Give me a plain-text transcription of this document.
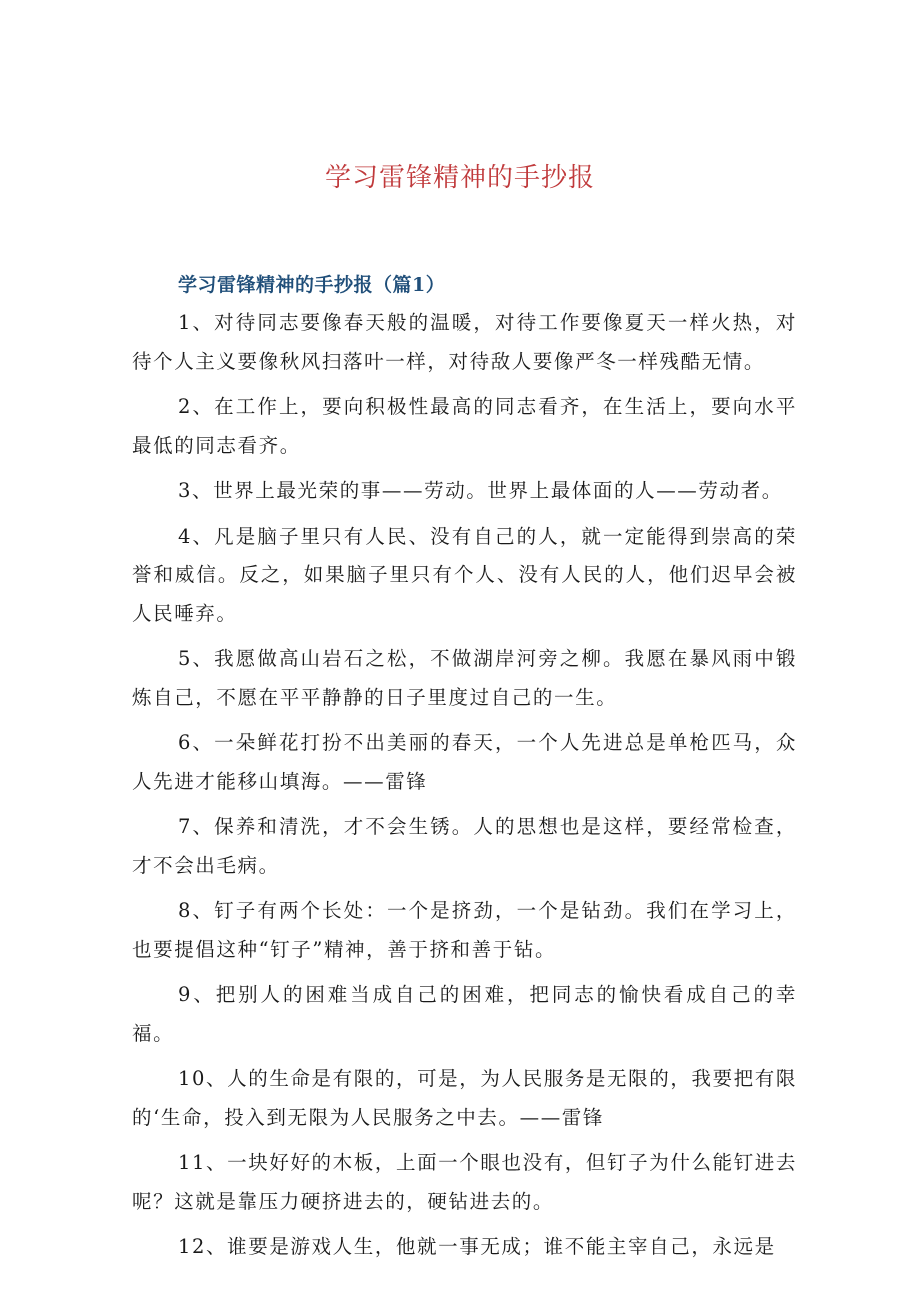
学习雷锋精神的手抄报
学习雷锋精神的手抄报（篇1）

1、对待同志要像春天般的温暖，对待工作要像夏天一样火热，对待个人主义要像秋风扫落叶一样，对待敌人要像严冬一样残酷无情。

2、在工作上，要向积极性最高的同志看齐，在生活上，要向水平最低的同志看齐。

3、世界上最光荣的事——劳动。世界上最体面的人——劳动者。

4、凡是脑子里只有人民、没有自己的人，就一定能得到崇高的荣誉和威信。反之，如果脑子里只有个人、没有人民的人，他们迟早会被人民唾弃。

5、我愿做高山岩石之松，不做湖岸河旁之柳。我愿在暴风雨中锻炼自己，不愿在平平静静的日子里度过自己的一生。

6、一朵鲜花打扮不出美丽的春天，一个人先进总是单枪匹马，众人先进才能移山填海。——雷锋

7、保养和清洗，才不会生锈。人的思想也是这样，要经常检查，才不会出毛病。

8、钉子有两个长处：一个是挤劲，一个是钻劲。我们在学习上，也要提倡这种“钉子”精神，善于挤和善于钻。

9、把别人的困难当成自己的困难，把同志的愉快看成自己的幸福。

10、人的生命是有限的，可是，为人民服务是无限的，我要把有限的‘生命，投入到无限为人民服务之中去。——雷锋

11、一块好好的木板，上面一个眼也没有，但钉子为什么能钉进去呢？这就是靠压力硬挤进去的，硬钻进去的。

12、谁要是游戏人生，他就一事无成；谁不能主宰自己，永远是
